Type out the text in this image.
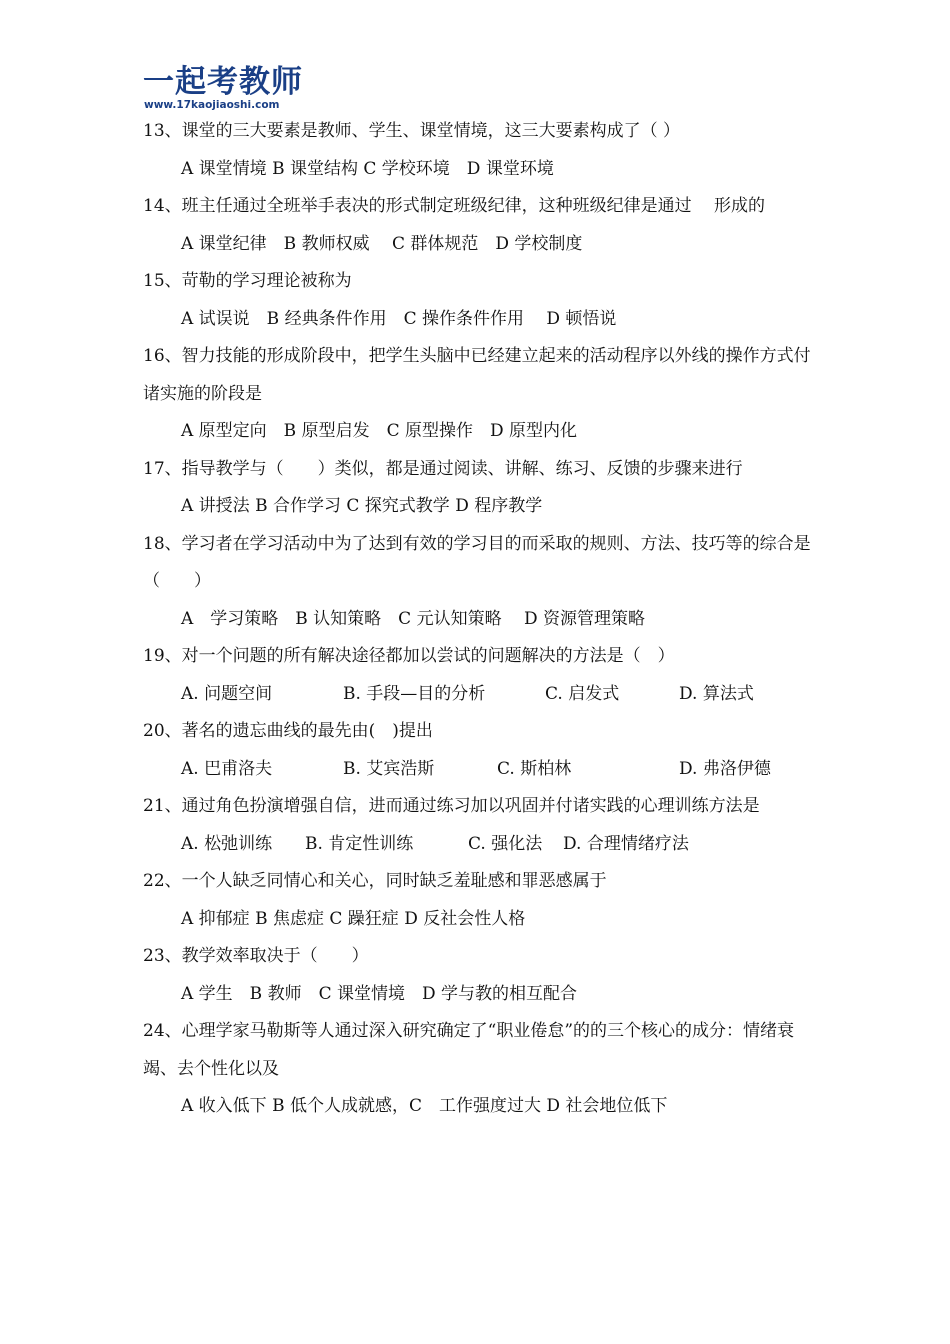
一起考教师
www.17kaojiaoshi.com
13、课堂的三大要素是教师、学生、课堂情境，这三大要素构成了（ ）
A 课堂情境 B 课堂结构 C 学校环境　D 课堂环境
14、班主任通过全班举手表决的形式制定班级纪律，这种班级纪律是通过　 形成的
A 课堂纪律　B 教师权威　 C 群体规范　D 学校制度
15、苛勒的学习理论被称为
A 试误说　B 经典条件作用　C 操作条件作用　 D 顿悟说
16、智力技能的形成阶段中，把学生头脑中已经建立起来的活动程序以外线的操作方式付诸实施的阶段是
A 原型定向　B 原型启发　C 原型操作　D 原型内化
17、指导教学与（　　）类似，都是通过阅读、讲解、练习、反馈的步骤来进行
A 讲授法 B 合作学习 C 探究式教学 D 程序教学
18、学习者在学习活动中为了达到有效的学习目的而采取的规则、方法、技巧等的综合是（　　）
A　学习策略　B 认知策略　C 元认知策略　 D 资源管理策略
19、对一个问题的所有解决途径都加以尝试的问题解决的方法是（　）
A. 问题空间	B. 手段—目的分析	C. 启发式	D. 算法式
20、著名的遗忘曲线的最先由(　)提出
A. 巴甫洛夫	B. 艾宾浩斯	C. 斯柏林	D. 弗洛伊德
21、通过角色扮演增强自信，进而通过练习加以巩固并付诸实践的心理训练方法是
A. 松弛训练 B. 肯定性训练	C. 强化法 D. 合理情绪疗法
22、一个人缺乏同情心和关心，同时缺乏羞耻感和罪恶感属于
A 抑郁症 B 焦虑症 C 躁狂症 D 反社会性人格
23、教学效率取决于（　　）
A 学生　B 教师　C 课堂情境　D 学与教的相互配合
24、心理学家马勒斯等人通过深入研究确定了“职业倦怠”的的三个核心的成分：情绪衰竭、去个性化以及
A 收入低下 B 低个人成就感，C　工作强度过大 D 社会地位低下
